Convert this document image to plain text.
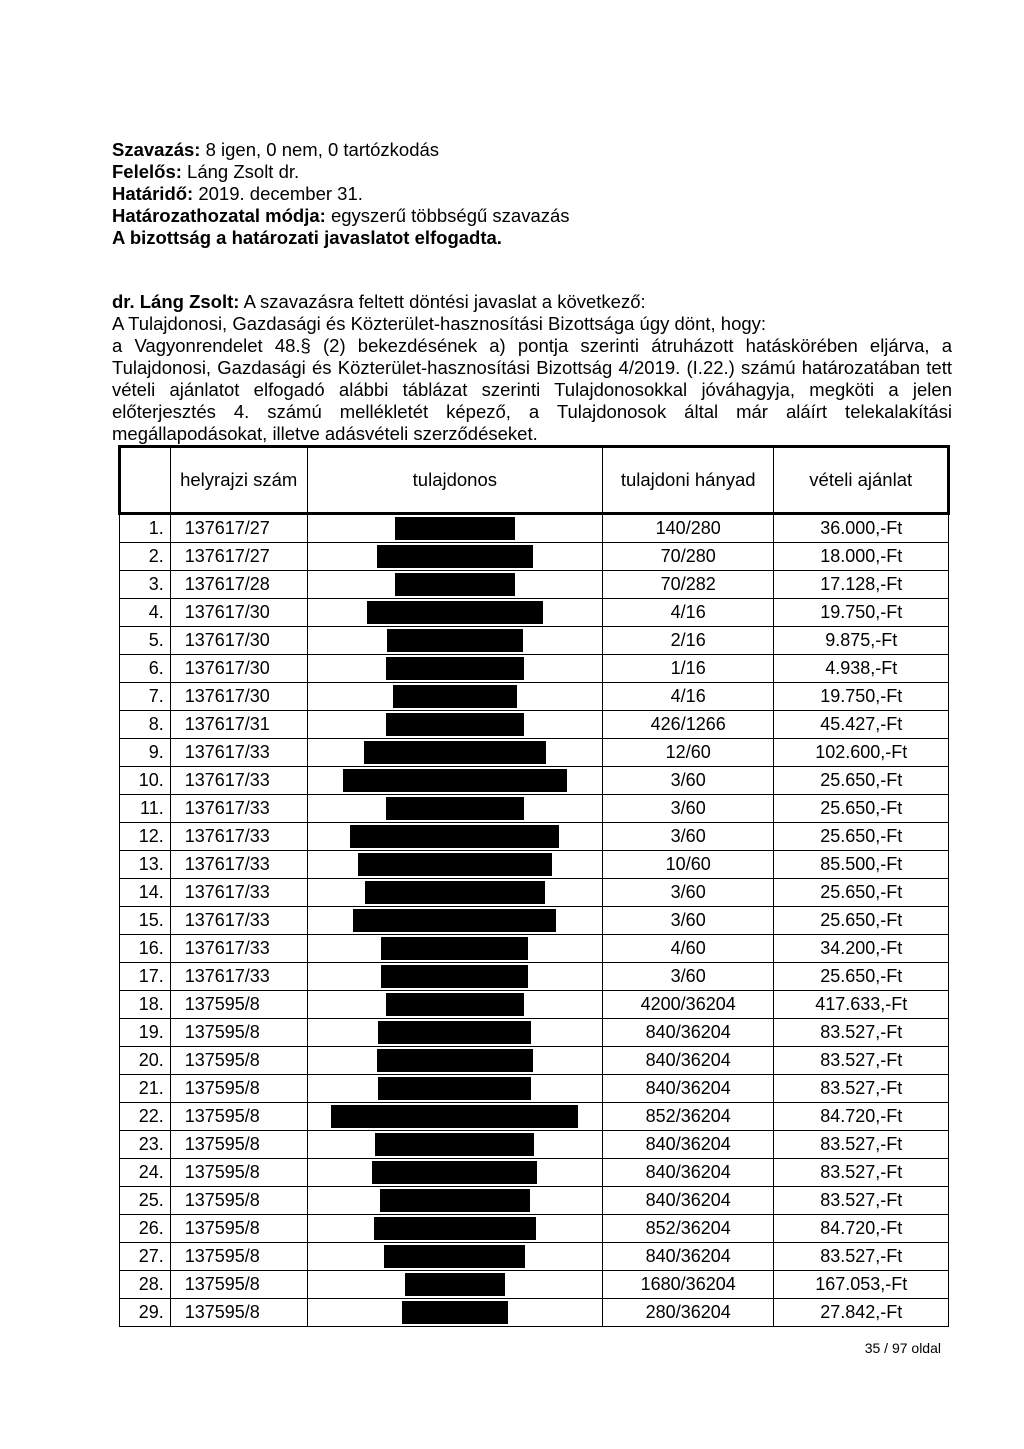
Szavazás: 8 igen, 0 nem, 0 tartózkodás
Felelős: Láng Zsolt dr.
Határidő: 2019. december 31.
Határozathozatal módja: egyszerű többségű szavazás
A bizottság a határozati javaslatot elfogadta.
dr. Láng Zsolt: A szavazásra feltett döntési javaslat a következő:
A Tulajdonosi, Gazdasági és Közterület-hasznosítási Bizottsága úgy dönt, hogy:

a Vagyonrendelet 48.§ (2) bekezdésének a) pontja szerinti átruházott hatáskörében eljárva, a Tulajdonosi, Gazdasági és Közterület-hasznosítási Bizottság 4/2019. (I.22.) számú határozatában tett vételi ajánlatot elfogadó alábbi táblázat szerinti Tulajdonosokkal jóváhagyja, megköti a jelen előterjesztés 4. számú mellékletét képező, a Tulajdonosok által már aláírt telekalakítási megállapodásokat, illetve adásvételi szerződéseket.

	helyrajzi szám	tulajdonos	tulajdoni hányad	vételi ajánlat
1.	137617/27		140/280	36.000,-Ft
2.	137617/27		70/280	18.000,-Ft
3.	137617/28		70/282	17.128,-Ft
4.	137617/30		4/16	19.750,-Ft
5.	137617/30		2/16	9.875,-Ft
6.	137617/30		1/16	4.938,-Ft
7.	137617/30		4/16	19.750,-Ft
8.	137617/31		426/1266	45.427,-Ft
9.	137617/33		12/60	102.600,-Ft
10.	137617/33		3/60	25.650,-Ft
11.	137617/33		3/60	25.650,-Ft
12.	137617/33		3/60	25.650,-Ft
13.	137617/33		10/60	85.500,-Ft
14.	137617/33		3/60	25.650,-Ft
15.	137617/33		3/60	25.650,-Ft
16.	137617/33		4/60	34.200,-Ft
17.	137617/33		3/60	25.650,-Ft
18.	137595/8		4200/36204	417.633,-Ft
19.	137595/8		840/36204	83.527,-Ft
20.	137595/8		840/36204	83.527,-Ft
21.	137595/8		840/36204	83.527,-Ft
22.	137595/8		852/36204	84.720,-Ft
23.	137595/8		840/36204	83.527,-Ft
24.	137595/8		840/36204	83.527,-Ft
25.	137595/8		840/36204	83.527,-Ft
26.	137595/8		852/36204	84.720,-Ft
27.	137595/8		840/36204	83.527,-Ft
28.	137595/8		1680/36204	167.053,-Ft
29.	137595/8		280/36204	27.842,-Ft
35 / 97 oldal
